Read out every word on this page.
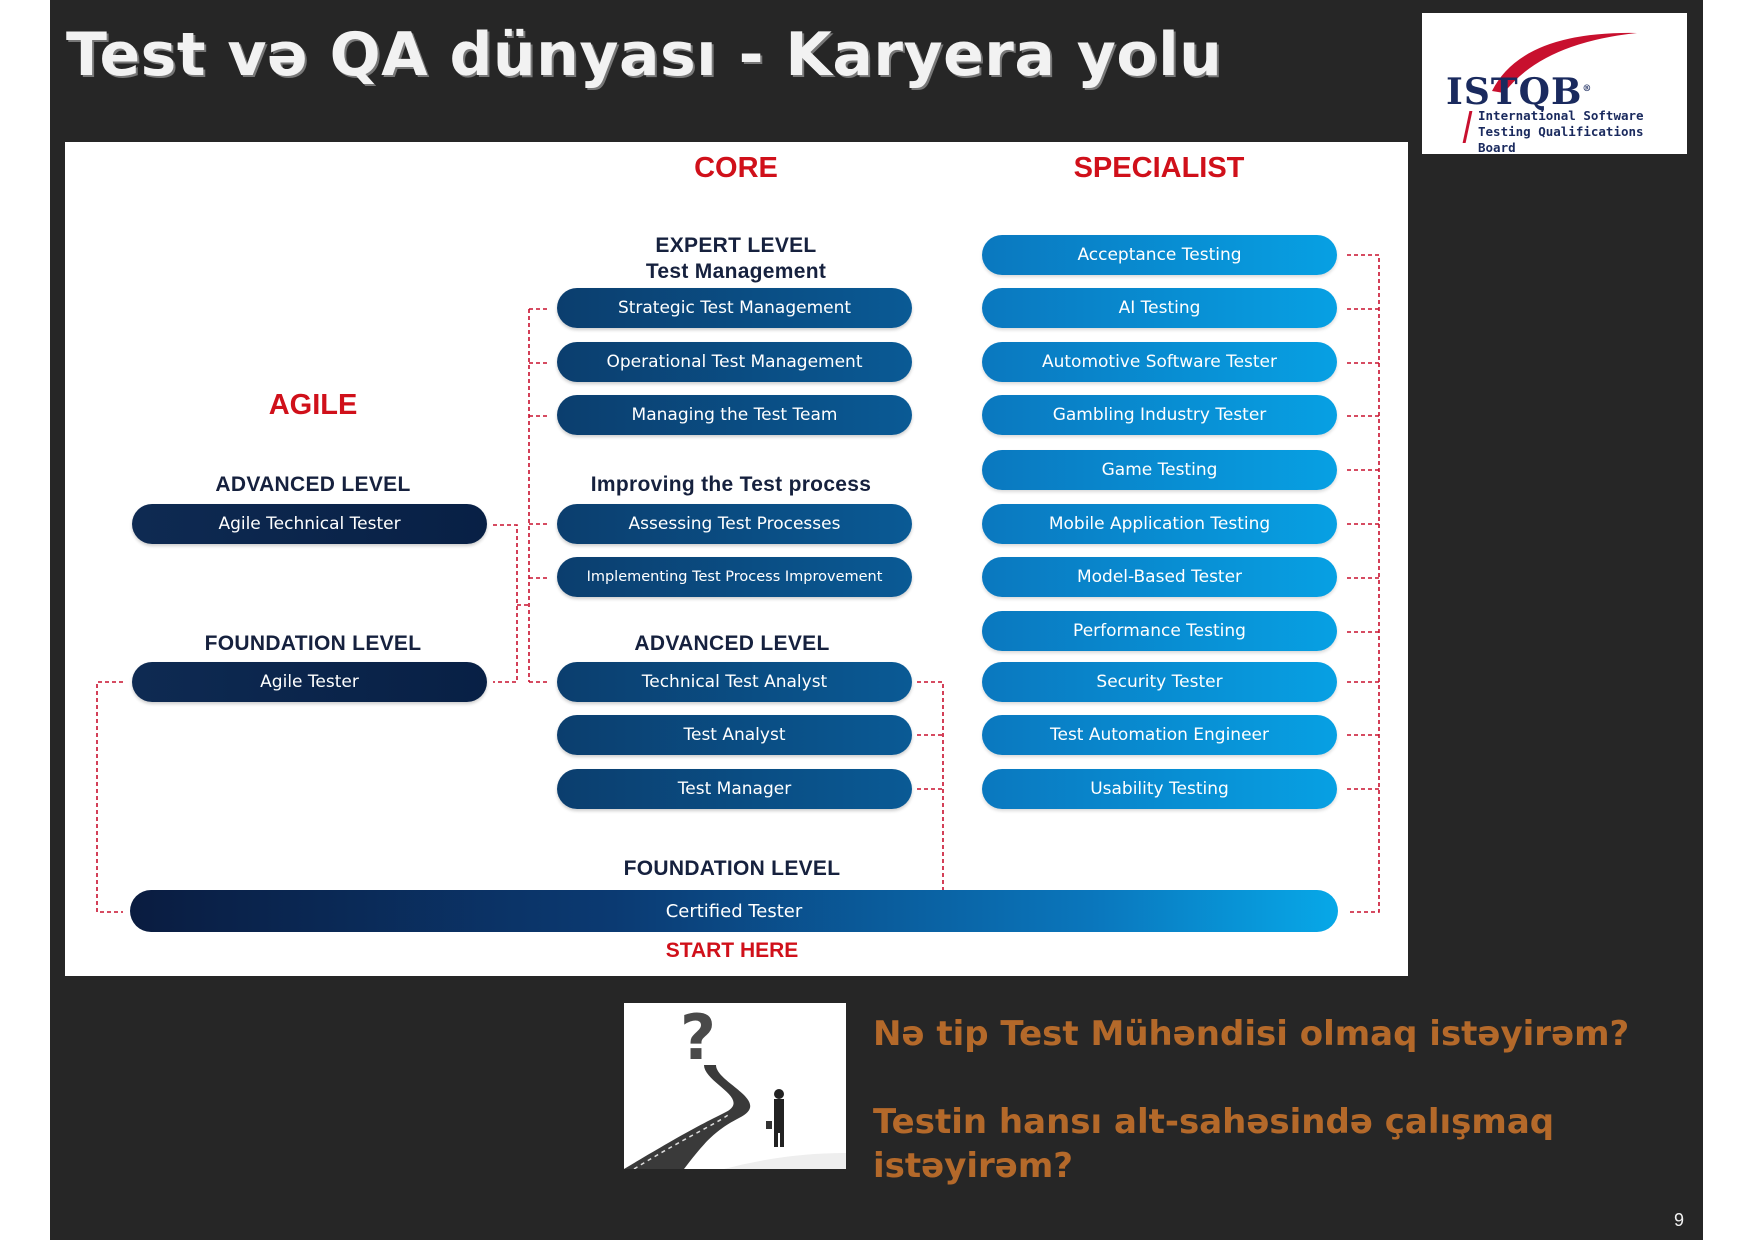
Test və QA dünyası - Karyera yolu
ISTQB®
International Software
Testing Qualifications Board
CORE	SPECIALIST
AGILE
EXPERT LEVEL
Test Management
Improving the Test process
ADVANCED LEVEL
FOUNDATION LEVEL	ADVANCED LEVEL
FOUNDATION LEVEL
Agile Technical Tester
Agile Tester
Strategic Test Management
Operational Test Management
Managing the Test Team
Assessing Test Processes
Implementing Test Process Improvement
Technical Test Analyst
Test Analyst
Test Manager
Acceptance Testing
AI Testing
Automotive Software Tester
Gambling Industry Tester
Game Testing
Mobile Application Testing
Model-Based Tester
Performance Testing
Security Tester
Test Automation Engineer
Usability Testing
Certified Tester
START HERE
?	Nə tip Test Mühəndisi olmaq istəyirəm?
Testin hansı alt-sahəsində çalışmaq
istəyirəm?
9
